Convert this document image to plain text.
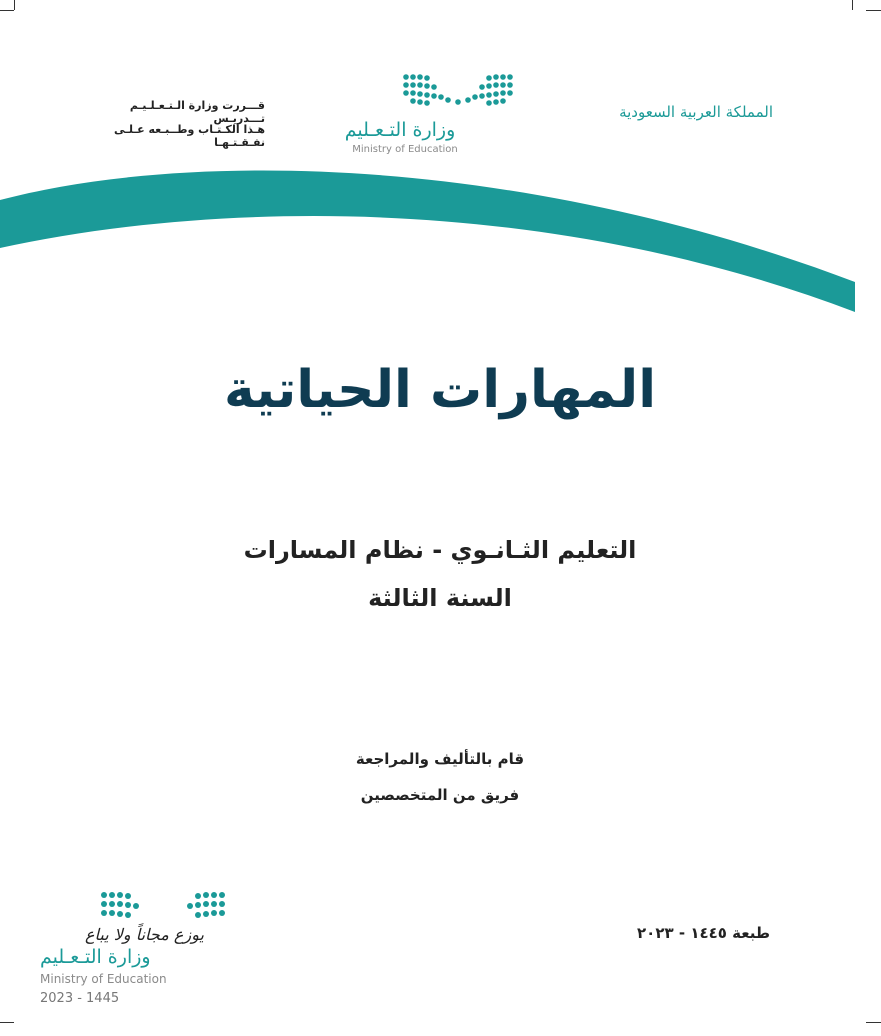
المملكة العربية السعودية
قـــررت وزارة الـتـعـلـيـم تـــدريـس
هـذا الكـتـاب وطــبـعه عـلـى نفـقـتـهـا
وزارة التـعـليم
Ministry of Education
المهارات الحياتية
التعليم الثـانـوي - نظام المسارات
السنة الثالثة
قام بالتأليف والمراجعة
فريق من المتخصصين
طبعة ١٤٤٥ - ٢٠٢٣
يوزع مجاناً ولا يباع
وزارة التـعـليم
Ministry of Education
2023 - 1445
